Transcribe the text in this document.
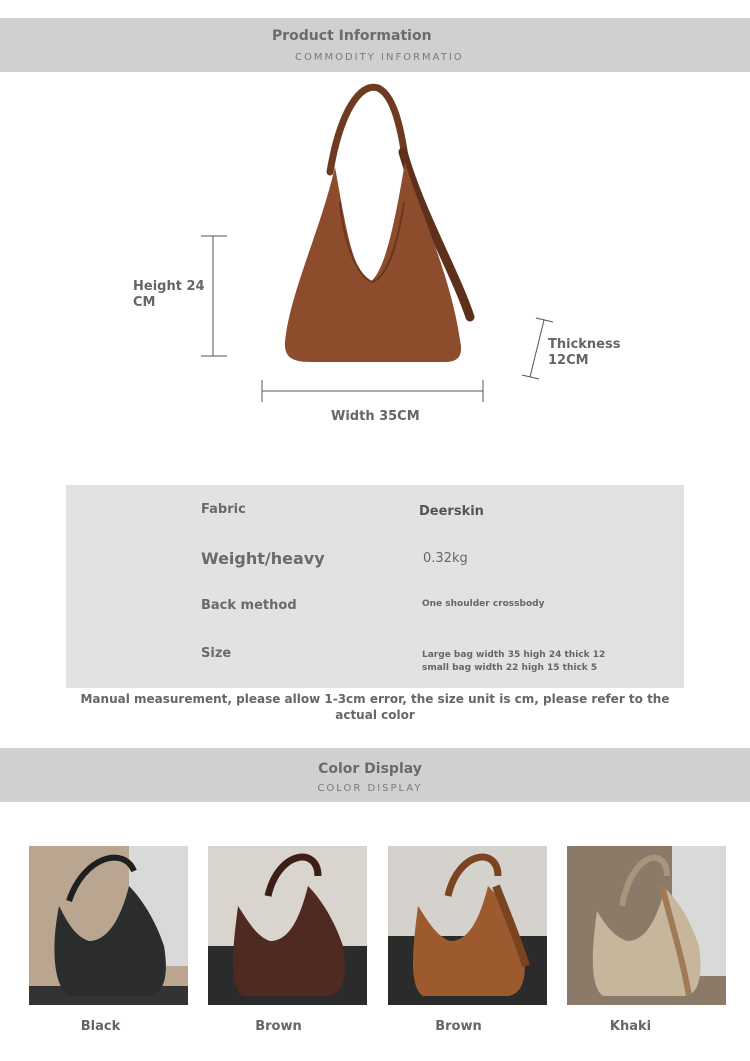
Product Information
COMMODITY INFORMATIO
Height 24 CM
Thickness 12CM
Width 35CM
Fabric	Deerskin
Weight/heavy	0.32kg
Back method	One shoulder crossbody
Size	Large bag width 35 high 24 thick 12
small bag width 22 high 15 thick 5
Manual measurement, please allow 1-3cm error, the size unit is cm, please refer to the actual color
Color Display
COLOR DISPLAY
Black	Brown	Brown	Khaki
